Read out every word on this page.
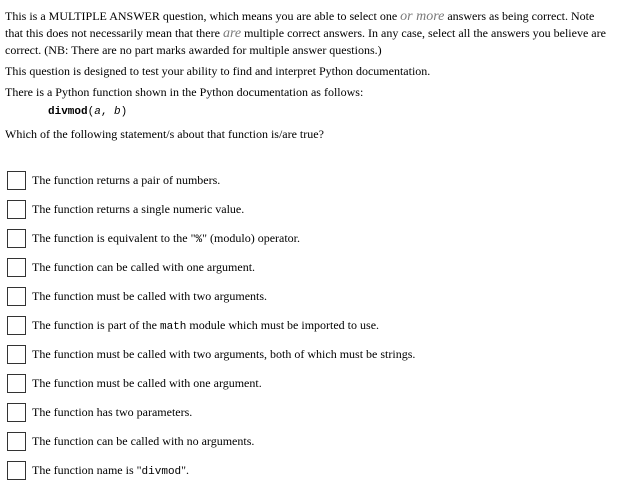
This is a MULTIPLE ANSWER question, which means you are able to select one or more answers as being correct. Note that this does not necessarily mean that there are multiple correct answers. In any case, select all the answers you believe are correct. (NB: There are no part marks awarded for multiple answer questions.)

This question is designed to test your ability to find and interpret Python documentation.

There is a Python function shown in the Python documentation as follows:

divmod(a, b)

Which of the following statement/s about that function is/are true?

The function returns a pair of numbers.
The function returns a single numeric value.
The function is equivalent to the "%" (modulo) operator.
The function can be called with one argument.
The function must be called with two arguments.
The function is part of the math module which must be imported to use.
The function must be called with two arguments, both of which must be strings.
The function must be called with one argument.
The function has two parameters.
The function can be called with no arguments.
The function name is "divmod".
